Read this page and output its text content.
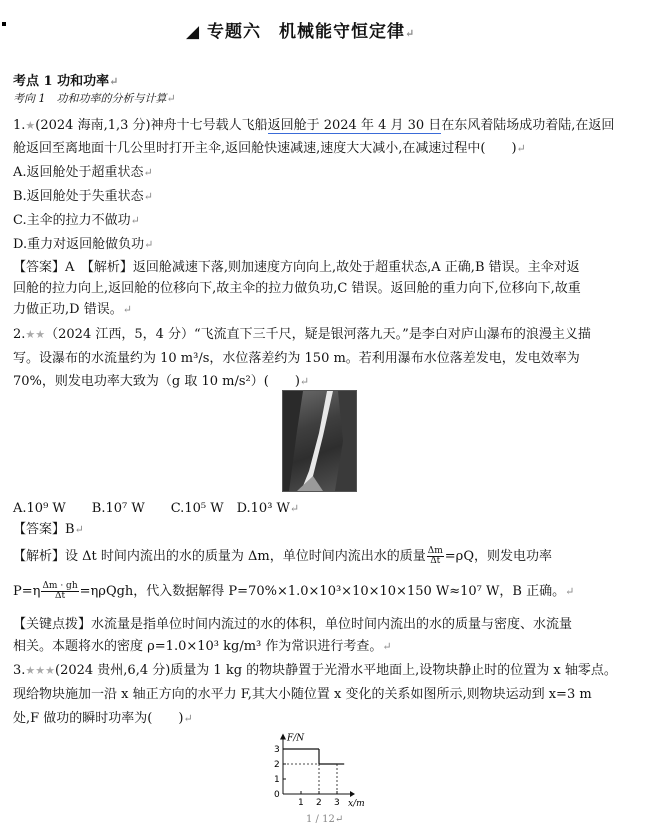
◢ 专题六　机械能守恒定律↵
考点 1 功和功率↵
考向 1　功和功率的分析与计算↵
1.★(2024 海南,1,3 分)神舟十七号载人飞船返回舱于 2024 年 4 月 30 日在东风着陆场成功着陆,在返回
舱返回至离地面十几公里时打开主伞,返回舱快速减速,速度大大减小,在减速过程中(　　)↵
A.返回舱处于超重状态↵
B.返回舱处于失重状态↵
C.主伞的拉力不做功↵
D.重力对返回舱做负功↵
【答案】A　【解析】返回舱减速下落,则加速度方向向上,故处于超重状态,A 正确,B 错误。主伞对返
回舱的拉力向上,返回舱的位移向下,故主伞的拉力做负功,C 错误。返回舱的重力向下,位移向下,故重
力做正功,D 错误。↵
2.★★（2024 江西，5，4 分）“飞流直下三千尺，疑是银河落九天。”是李白对庐山瀑布的浪漫主义描
写。设瀑布的水流量约为 10 m³/s，水位落差约为 150 m。若利用瀑布水位落差发电，发电效率为
70%，则发电功率大致为（g 取 10 m/s²）(　　)↵
A.10⁹ W　　B.10⁷ W　　C.10⁵ W　D.10³ W↵
【答案】B↵
【解析】设 Δt 时间内流出的水的质量为 Δm，单位时间内流出水的质量 $\frac{\Delta m}{\Delta t} =\rho Q$，则发电功率
$P=\eta \frac{\Delta m \cdot gh}{\Delta t} =\eta\rho Qgh$，代入数据解得 P=70%×1.0×10³×10×10×150 W≈10⁷ W，B 正确。↵
【关键点拨】水流量是指单位时间内流过的水的体积，单位时间内流出的水的质量与密度、水流量
相关。本题将水的密度 ρ=1.0×10³ kg/m³ 作为常识进行考查。↵
3.★★★(2024 贵州,6,4 分)质量为 1 kg 的物块静置于光滑水平地面上,设物块静止时的位置为 x 轴零点。
现给物块施加一沿 x 轴正方向的水平力 F,其大小随位置 x 变化的关系如图所示,则物块运动到 x=3 m
处,F 做功的瞬时功率为(　　)↵
F/N
x/m
3
2
1
0
1 2 3
1 / 12↵
